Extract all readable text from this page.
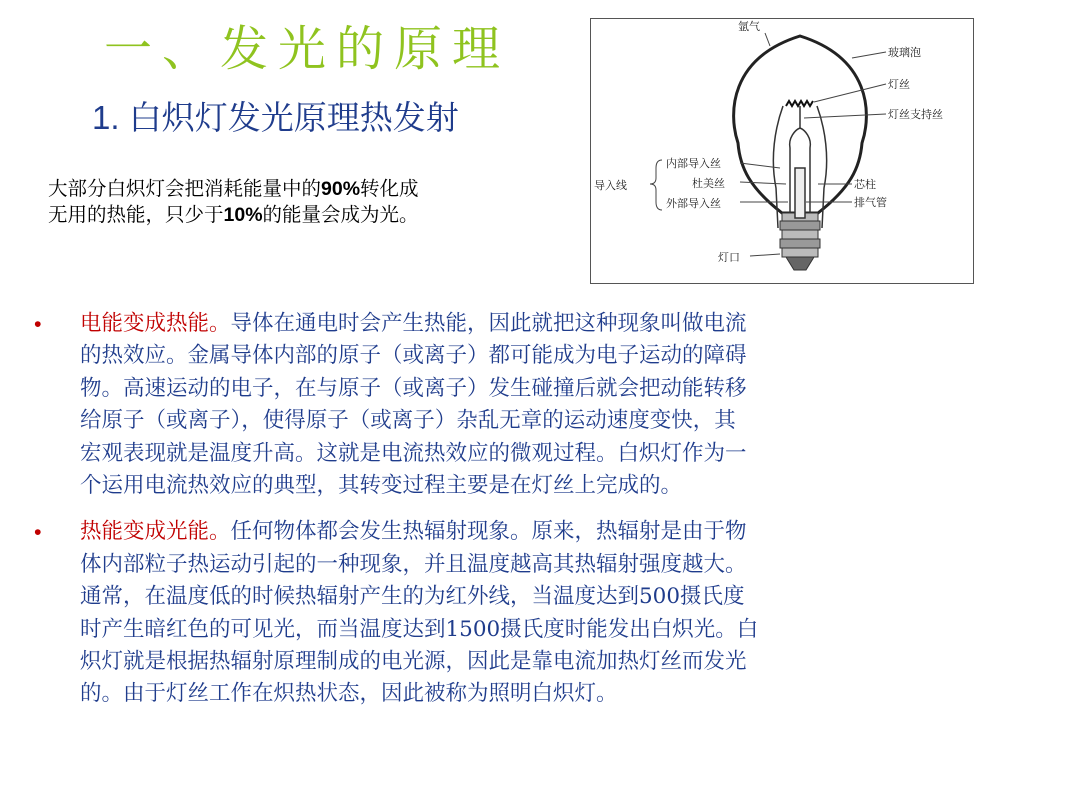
一、发光的原理
1. 白炽灯发光原理热发射
大部分白炽灯会把消耗能量中的90%转化成
无用的热能，只少于10%的能量会成为光。
氩气
玻璃泡
灯丝
灯丝支持丝
导入线
内部导入丝
杜美丝
外部导入丝
芯柱
排气管
灯口
• 电能变成热能。导体在通电时会产生热能，因此就把这种现象叫做电流
的热效应。金属导体内部的原子（或离子）都可能成为电子运动的障碍
物。高速运动的电子，在与原子（或离子）发生碰撞后就会把动能转移
给原子（或离子），使得原子（或离子）杂乱无章的运动速度变快，其
宏观表现就是温度升高。这就是电流热效应的微观过程。白炽灯作为一
个运用电流热效应的典型，其转变过程主要是在灯丝上完成的。
• 热能变成光能。任何物体都会发生热辐射现象。原来，热辐射是由于物
体内部粒子热运动引起的一种现象，并且温度越高其热辐射强度越大。
通常，在温度低的时候热辐射产生的为红外线，当温度达到500摄氏度
时产生暗红色的可见光，而当温度达到1500摄氏度时能发出白炽光。白
炽灯就是根据热辐射原理制成的电光源，因此是靠电流加热灯丝而发光
的。由于灯丝工作在炽热状态，因此被称为照明白炽灯。
